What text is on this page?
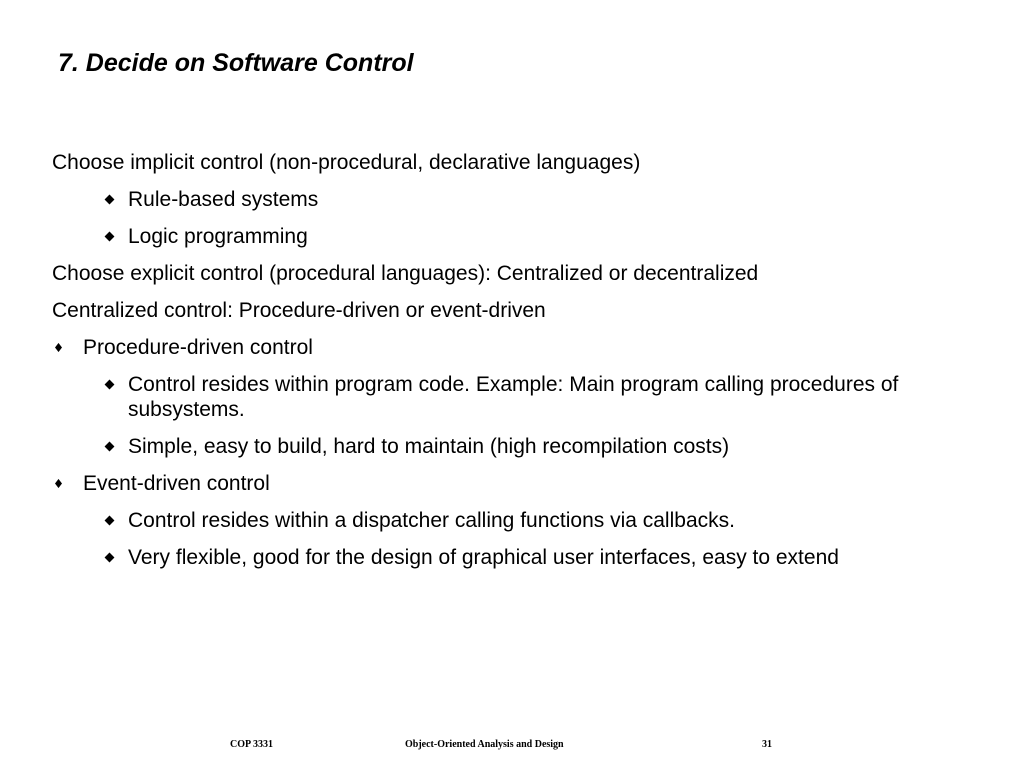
7. Decide on Software Control
Choose implicit control (non-procedural, declarative languages)
Rule-based systems
Logic programming
Choose explicit control (procedural languages): Centralized or decentralized
Centralized control: Procedure-driven or event-driven
Procedure-driven control
Control resides within program code. Example: Main program calling procedures of subsystems.
Simple, easy to build, hard to maintain (high recompilation costs)
Event-driven control
Control resides within a dispatcher calling functions via callbacks.
Very flexible, good for the design of graphical user interfaces, easy to extend
COP 3331	Object-Oriented Analysis and Design	31
